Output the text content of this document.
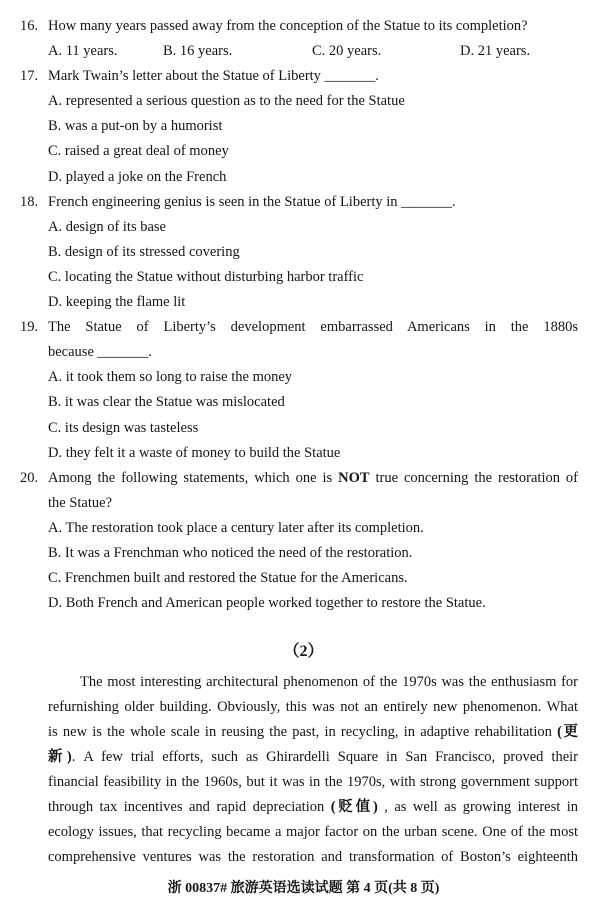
16. How many years passed away from the conception of the Statue to its completion?
A. 11 years.	B. 16 years.	C. 20 years.	D. 21 years.
17. Mark Twain’s letter about the Statue of Liberty _______.
A. represented a serious question as to the need for the Statue
B. was a put-on by a humorist
C. raised a great deal of money
D. played a joke on the French
18. French engineering genius is seen in the Statue of Liberty in _______.
A. design of its base
B. design of its stressed covering
C. locating the Statue without disturbing harbor traffic
D. keeping the flame lit
19. The Statue of Liberty’s development embarrassed Americans in the 1880s
because _______.
A. it took them so long to raise the money
B. it was clear the Statue was mislocated
C. its design was tasteless
D. they felt it a waste of money to build the Statue
20. Among the following statements, which one is NOT true concerning the restoration of
the Statue?
A. The restoration took place a century later after its completion.
B. It was a Frenchman who noticed the need of the restoration.
C. Frenchmen built and restored the Statue for the Americans.
D. Both French and American people worked together to restore the Statue.
（2）
The most interesting architectural phenomenon of the 1970s was the enthusiasm for
refurnishing older building. Obviously, this was not an entirely new phenomenon. What
is new is the whole scale in reusing the past, in recycling, in adaptive rehabilitation (更
新). A few trial efforts, such as Ghirardelli Square in San Francisco, proved their
financial feasibility in the 1960s, but it was in the 1970s, with strong government support
through tax incentives and rapid depreciation (贬值) , as well as growing interest in
ecology issues, that recycling became a major factor on the urban scene. One of the most
comprehensive ventures was the restoration and transformation of Boston’s eighteenth
浙 00837# 旅游英语选读试题 第 4 页(共 8 页)
